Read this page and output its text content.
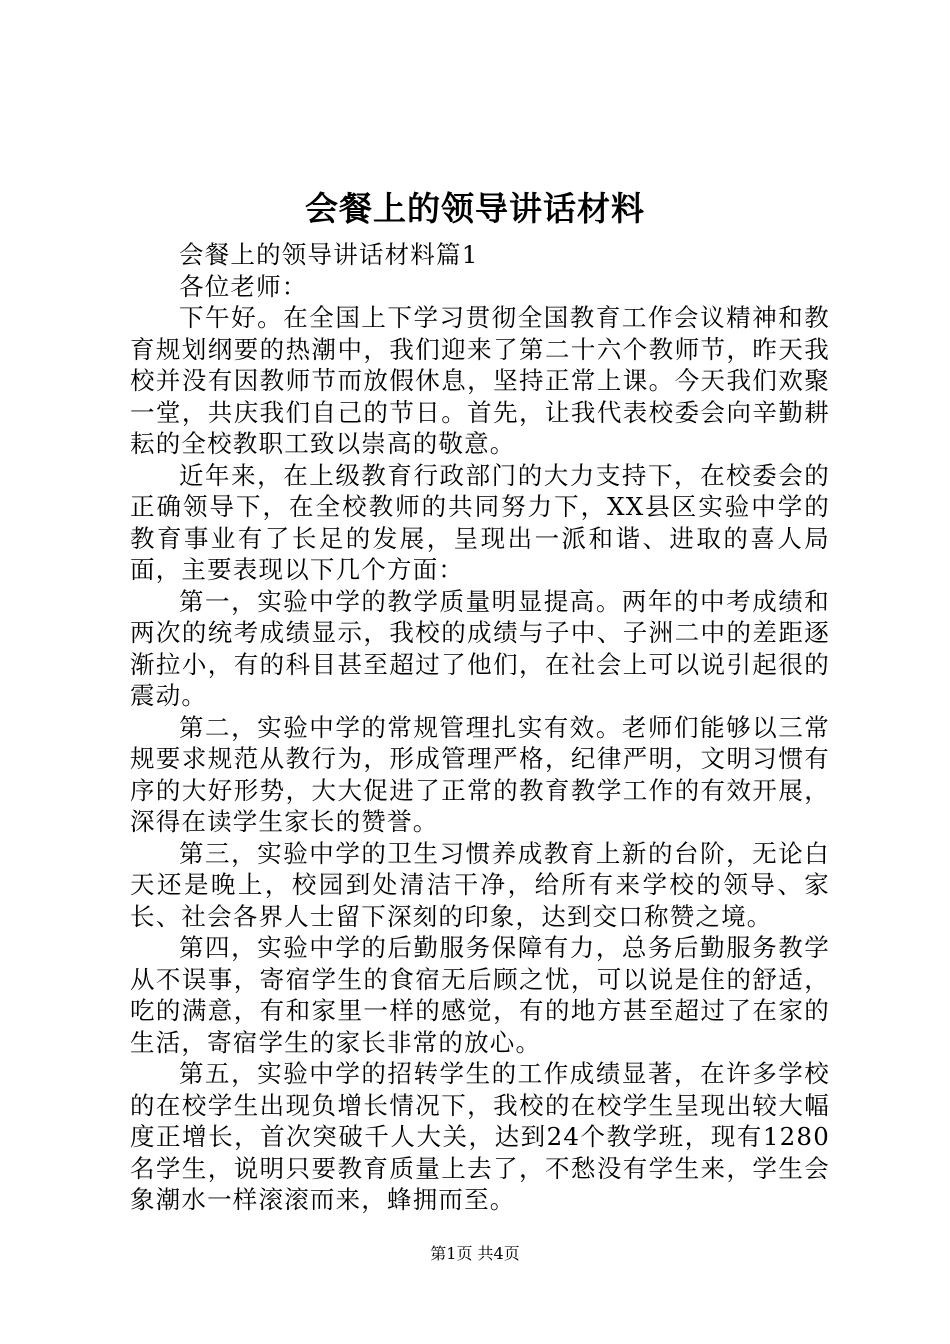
会餐上的领导讲话材料

会餐上的领导讲话材料篇1

各位老师：

下午好。在全国上下学习贯彻全国教育工作会议精神和教育规划纲要的热潮中，我们迎来了第二十六个教师节，昨天我校并没有因教师节而放假休息，坚持正常上课。今天我们欢聚一堂，共庆我们自己的节日。首先，让我代表校委会向辛勤耕耘的全校教职工致以崇高的敬意。

近年来，在上级教育行政部门的大力支持下，在校委会的正确领导下，在全校教师的共同努力下，XX县区实验中学的教育事业有了长足的发展，呈现出一派和谐、进取的喜人局面，主要表现以下几个方面：

第一，实验中学的教学质量明显提高。两年的中考成绩和两次的统考成绩显示，我校的成绩与子中、子洲二中的差距逐渐拉小，有的科目甚至超过了他们，在社会上可以说引起很的震动。

第二，实验中学的常规管理扎实有效。老师们能够以三常规要求规范从教行为，形成管理严格，纪律严明，文明习惯有序的大好形势，大大促进了正常的教育教学工作的有效开展，深得在读学生家长的赞誉。

第三，实验中学的卫生习惯养成教育上新的台阶，无论白天还是晚上，校园到处清洁干净，给所有来学校的领导、家长、社会各界人士留下深刻的印象，达到交口称赞之境。

第四，实验中学的后勤服务保障有力，总务后勤服务教学从不误事，寄宿学生的食宿无后顾之忧，可以说是住的舒适，吃的满意，有和家里一样的感觉，有的地方甚至超过了在家的生活，寄宿学生的家长非常的放心。

第五，实验中学的招转学生的工作成绩显著，在许多学校的在校学生出现负增长情况下，我校的在校学生呈现出较大幅度正增长，首次突破千人大关，达到24个教学班，现有1280名学生，说明只要教育质量上去了，不愁没有学生来，学生会象潮水一样滚滚而来，蜂拥而至。

第1页 共4页
